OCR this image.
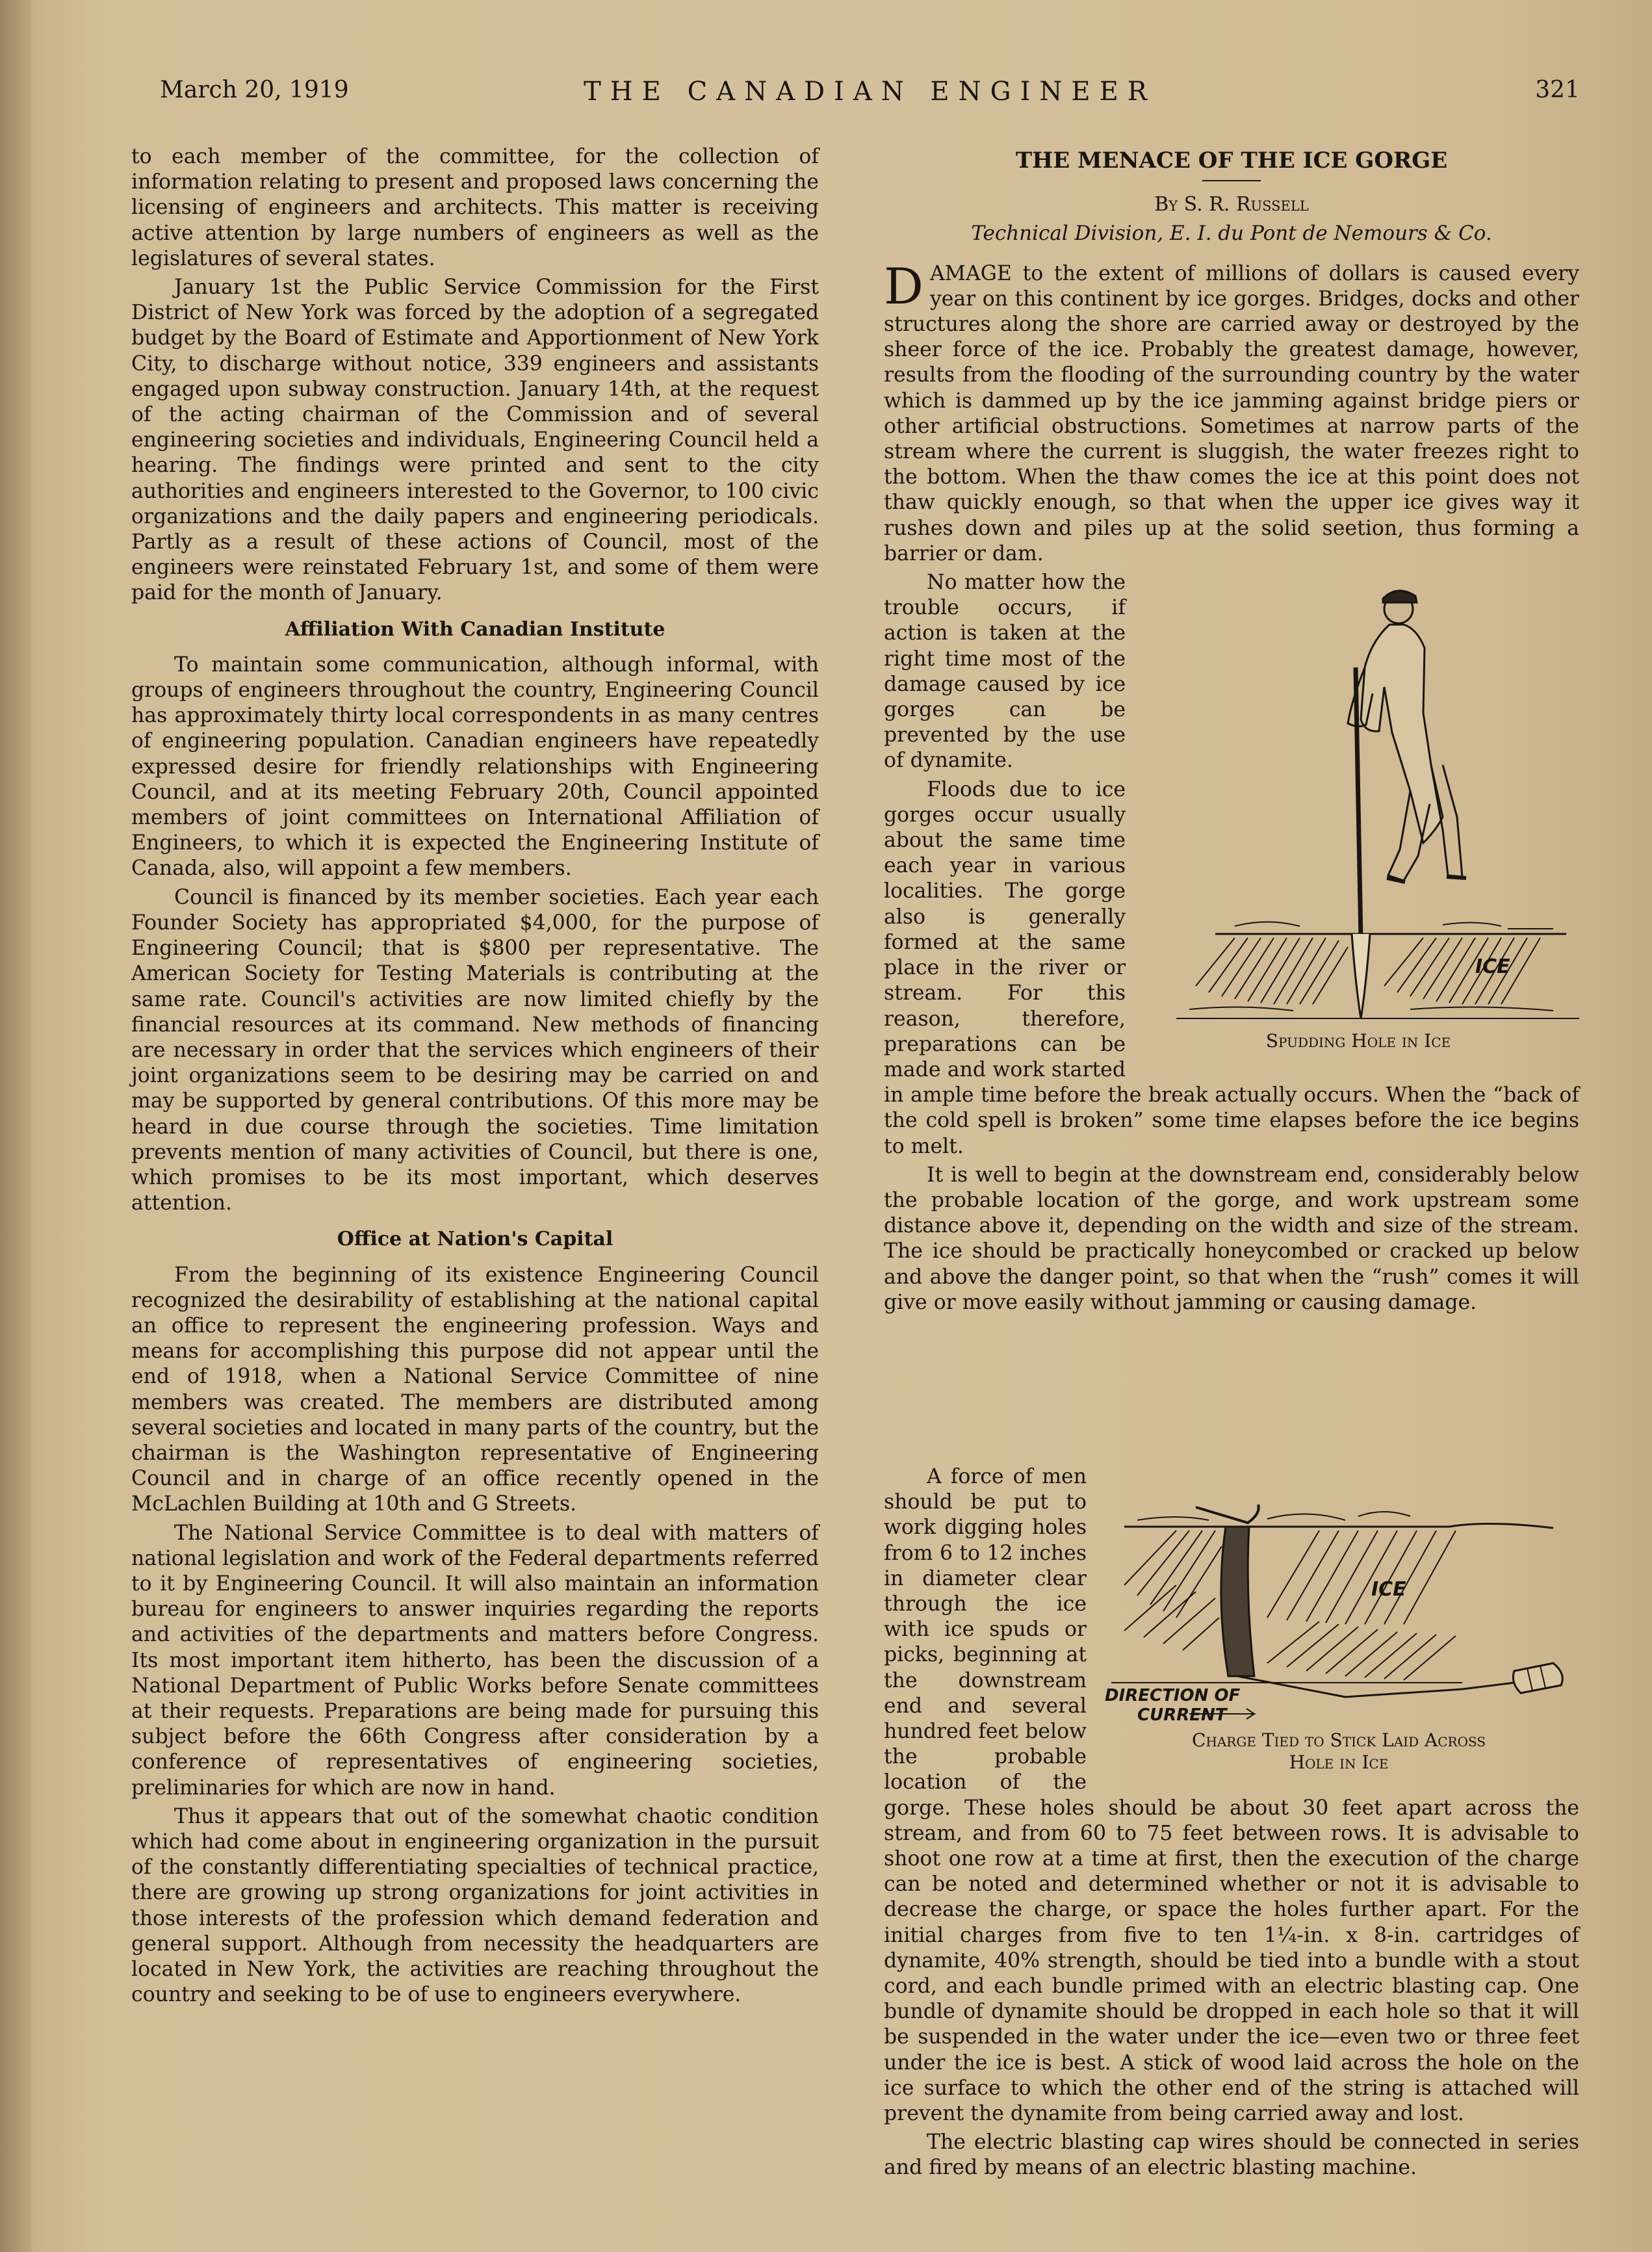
March 20, 1919	THE CANADIAN ENGINEER	321

to each member of the committee, for the collection of information relating to present and proposed laws concerning the licensing of engineers and architects. This matter is receiving active attention by large numbers of engineers as well as the legislatures of several states.

January 1st the Public Service Commission for the First District of New York was forced by the adoption of a segregated budget by the Board of Estimate and Apportionment of New York City, to discharge without notice, 339 engineers and assistants engaged upon subway construction. January 14th, at the request of the acting chairman of the Commission and of several engineering societies and individuals, Engineering Council held a hearing. The findings were printed and sent to the city authorities and engineers interested to the Governor, to 100 civic organizations and the daily papers and engineering periodicals. Partly as a result of these actions of Council, most of the engineers were reinstated February 1st, and some of them were paid for the month of January.

Affiliation With Canadian Institute

To maintain some communication, although informal, with groups of engineers throughout the country, Engineering Council has approximately thirty local correspondents in as many centres of engineering population. Canadian engineers have repeatedly expressed desire for friendly relationships with Engineering Council, and at its meeting February 20th, Council appointed members of joint committees on International Affiliation of Engineers, to which it is expected the Engineering Institute of Canada, also, will appoint a few members.

Council is financed by its member societies. Each year each Founder Society has appropriated $4,000, for the purpose of Engineering Council; that is $800 per representative. The American Society for Testing Materials is contributing at the same rate. Council's activities are now limited chiefly by the financial resources at its command. New methods of financing are necessary in order that the services which engineers of their joint organizations seem to be desiring may be carried on and may be supported by general contributions. Of this more may be heard in due course through the societies. Time limitation prevents mention of many activities of Council, but there is one, which promises to be its most important, which deserves attention.

Office at Nation's Capital

From the beginning of its existence Engineering Council recognized the desirability of establishing at the national capital an office to represent the engineering profession. Ways and means for accomplishing this purpose did not appear until the end of 1918, when a National Service Committee of nine members was created. The members are distributed among several societies and located in many parts of the country, but the chairman is the Washington representative of Engineering Council and in charge of an office recently opened in the McLachlen Building at 10th and G Streets.

The National Service Committee is to deal with matters of national legislation and work of the Federal departments referred to it by Engineering Council. It will also maintain an information bureau for engineers to answer inquiries regarding the reports and activities of the departments and matters before Congress. Its most important item hitherto, has been the discussion of a National Department of Public Works before Senate committees at their requests. Preparations are being made for pursuing this subject before the 66th Congress after consideration by a conference of representatives of engineering societies, preliminaries for which are now in hand.

Thus it appears that out of the somewhat chaotic condition which had come about in engineering organization in the pursuit of the constantly differentiating specialties of technical practice, there are growing up strong organizations for joint activities in those interests of the profession which demand federation and general support. Although from necessity the headquarters are located in New York, the activities are reaching throughout the country and seeking to be of use to engineers everywhere.

THE MENACE OF THE ICE GORGE
By S. R. Russell
Technical Division, E. I. du Pont de Nemours & Co.

DAMAGE to the extent of millions of dollars is caused every year on this continent by ice gorges. Bridges, docks and other structures along the shore are carried away or destroyed by the sheer force of the ice. Probably the greatest damage, however, results from the flooding of the surrounding country by the water which is dammed up by the ice jamming against bridge piers or other artificial obstructions. Sometimes at narrow parts of the stream where the current is sluggish, the water freezes right to the bottom. When the thaw comes the ice at this point does not thaw quickly enough, so that when the upper ice gives way it rushes down and piles up at the solid seetion, thus forming a barrier or dam.

ICE
Spudding Hole in Ice

No matter how the trouble occurs, if action is taken at the right time most of the damage caused by ice gorges can be prevented by the use of dynamite.

Floods due to ice gorges occur usually about the same time each year in various localities. The gorge also is generally formed at the same place in the river or stream. For this reason, therefore, preparations can be made and work started in ample time before the break actually occurs. When the “back of the cold spell is broken” some time elapses before the ice begins to melt.

It is well to begin at the downstream end, considerably below the probable location of the gorge, and work upstream some distance above it, depending on the width and size of the stream. The ice should be practically honeycombed or cracked up below and above the danger point, so that when the “rush” comes it will give or move easily without jamming or causing damage.

ICE
DIRECTION OF
CURRENT
Charge Tied to Stick Laid Across
Hole in Ice

A force of men should be put to work digging holes from 6 to 12 inches in diameter clear through the ice with ice spuds or picks, beginning at the downstream end and several hundred feet below the probable location of the gorge. These holes should be about 30 feet apart across the stream, and from 60 to 75 feet between rows. It is advisable to shoot one row at a time at first, then the execution of the charge can be noted and determined whether or not it is advisable to decrease the charge, or space the holes further apart. For the initial charges from five to ten 1¼-in. x 8-in. cartridges of dynamite, 40% strength, should be tied into a bundle with a stout cord, and each bundle primed with an electric blasting cap. One bundle of dynamite should be dropped in each hole so that it will be suspended in the water under the ice—even two or three feet under the ice is best. A stick of wood laid across the hole on the ice surface to which the other end of the string is attached will prevent the dynamite from being carried away and lost.

The electric blasting cap wires should be connected in series and fired by means of an electric blasting machine.
